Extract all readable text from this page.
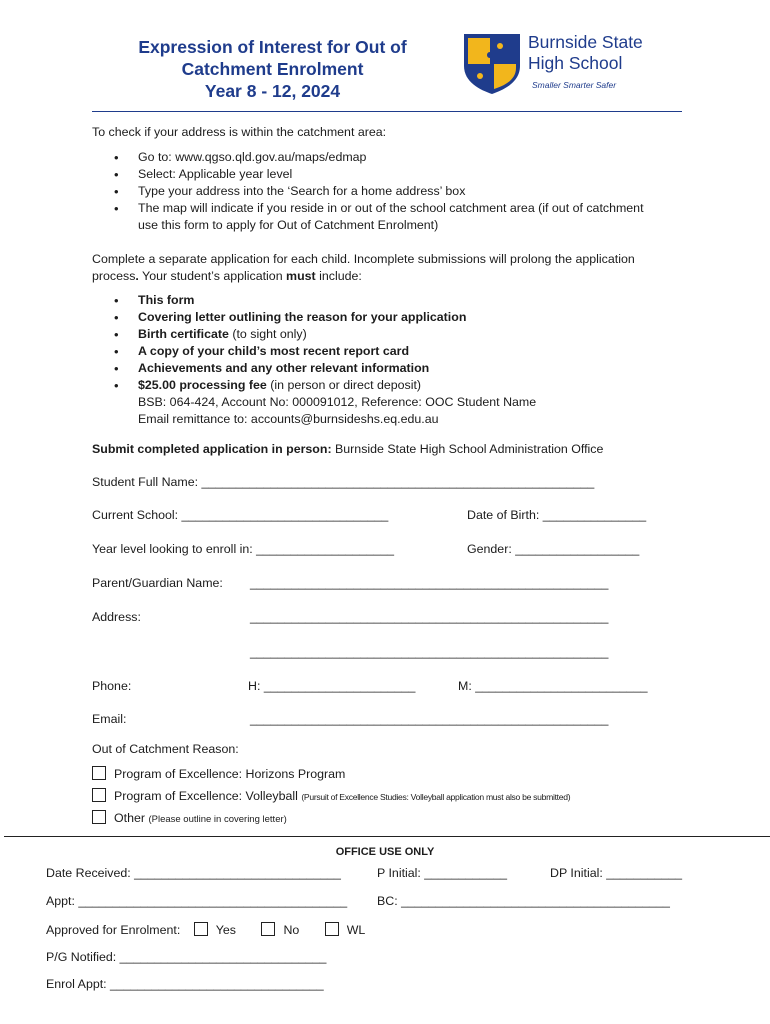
Expression of Interest for Out of
Catchment Enrolment
Year 8 - 12, 2024
Burnside State
High School
Smaller Smarter Safer

To check if your address is within the catchment area:

• Go to: www.qgso.qld.gov.au/maps/edmap
• Select: Applicable year level
• Type your address into the ‘Search for a home address’ box
• The map will indicate if you reside in or out of the school catchment area (if out of catchment
use this form to apply for Out of Catchment Enrolment)

Complete a separate application for each child. Incomplete submissions will prolong the application

process. Your student’s application must include:

• This form
• Covering letter outlining the reason for your application
• Birth certificate (to sight only)
• A copy of your child’s most recent report card
• Achievements and any other relevant information
• $25.00 processing fee (in person or direct deposit)
BSB: 064-424, Account No: 000091012, Reference: OOC Student Name
Email remittance to: accounts@burnsideshs.eq.edu.au
Submit completed application in person: Burnside State High School Administration Office
Student Full Name: _________________________________________________________
Current School: ______________________________	Date of Birth: _______________
Year level looking to enroll in: ____________________	Gender: __________________
Parent/Guardian Name: ____________________________________________________
Address:	____________________________________________________
____________________________________________________
Phone:	H: ______________________	M: _________________________
Email:	____________________________________________________
Out of Catchment Reason:
Program of Excellence: Horizons Program
Program of Excellence: Volleyball (Pursuit of Excellence Studies: Volleyball application must also be submitted)
Other (Please outline in covering letter)
OFFICE USE ONLY
Date Received: ______________________________	P Initial: ____________	DP Initial: ___________
Appt: _______________________________________ BC: _______________________________________
Approved for Enrolment:	Yes	No	WL
P/G Notified: ______________________________
Enrol Appt: _______________________________
